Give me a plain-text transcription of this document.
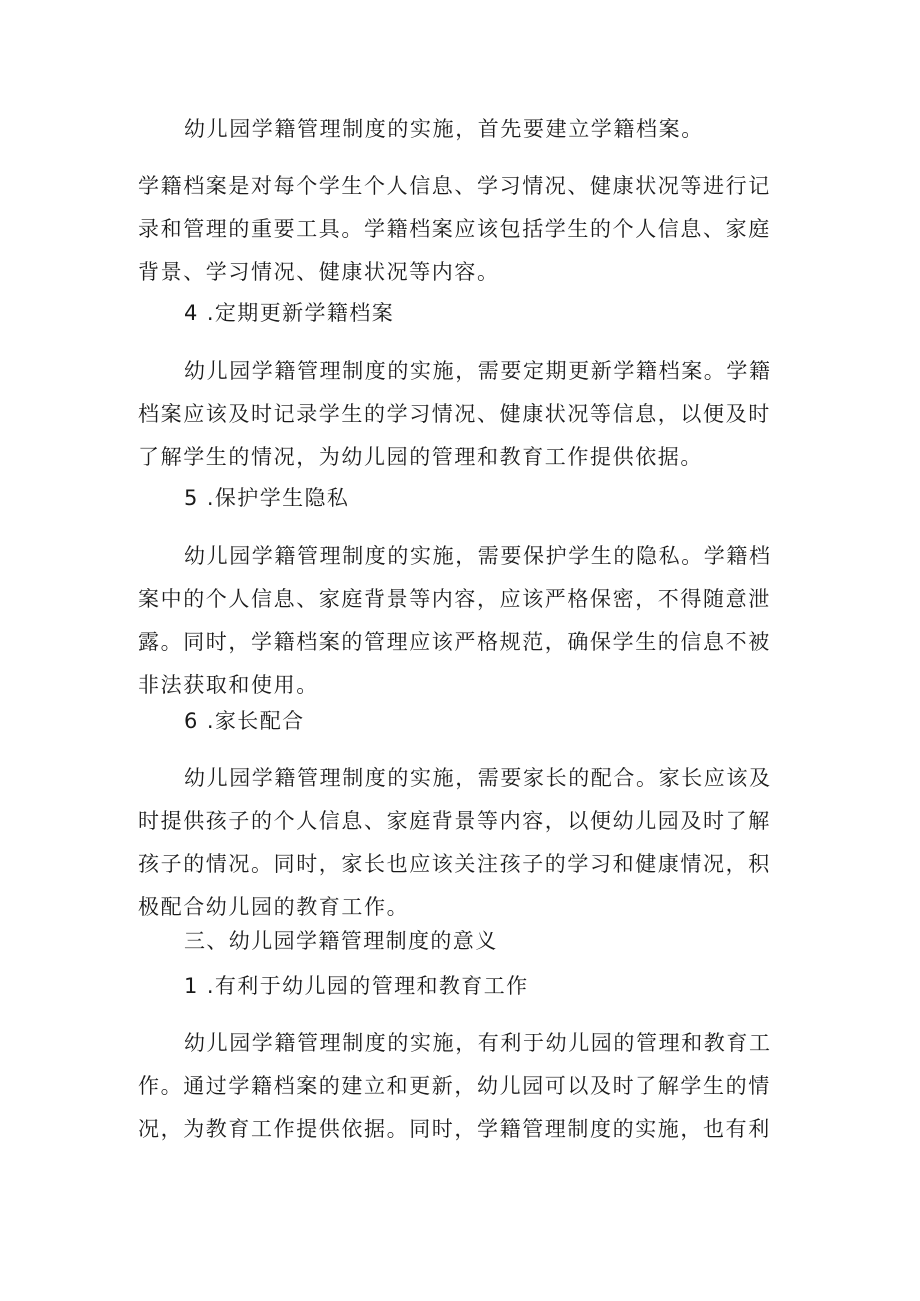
幼儿园学籍管理制度的实施，首先要建立学籍档案。

学籍档案是对每个学生个人信息、学习情况、健康状况等进行记
录和管理的重要工具。学籍档案应该包括学生的个人信息、家庭
背景、学习情况、健康状况等内容。

4 .定期更新学籍档案

幼儿园学籍管理制度的实施，需要定期更新学籍档案。学籍
档案应该及时记录学生的学习情况、健康状况等信息，以便及时
了解学生的情况，为幼儿园的管理和教育工作提供依据。

5 .保护学生隐私

幼儿园学籍管理制度的实施，需要保护学生的隐私。学籍档
案中的个人信息、家庭背景等内容，应该严格保密，不得随意泄
露。同时，学籍档案的管理应该严格规范，确保学生的信息不被
非法获取和使用。

6 .家长配合

幼儿园学籍管理制度的实施，需要家长的配合。家长应该及
时提供孩子的个人信息、家庭背景等内容，以便幼儿园及时了解
孩子的情况。同时，家长也应该关注孩子的学习和健康情况，积
极配合幼儿园的教育工作。

三、幼儿园学籍管理制度的意义

1 .有利于幼儿园的管理和教育工作

幼儿园学籍管理制度的实施，有利于幼儿园的管理和教育工
作。通过学籍档案的建立和更新，幼儿园可以及时了解学生的情
况，为教育工作提供依据。同时，学籍管理制度的实施，也有利
